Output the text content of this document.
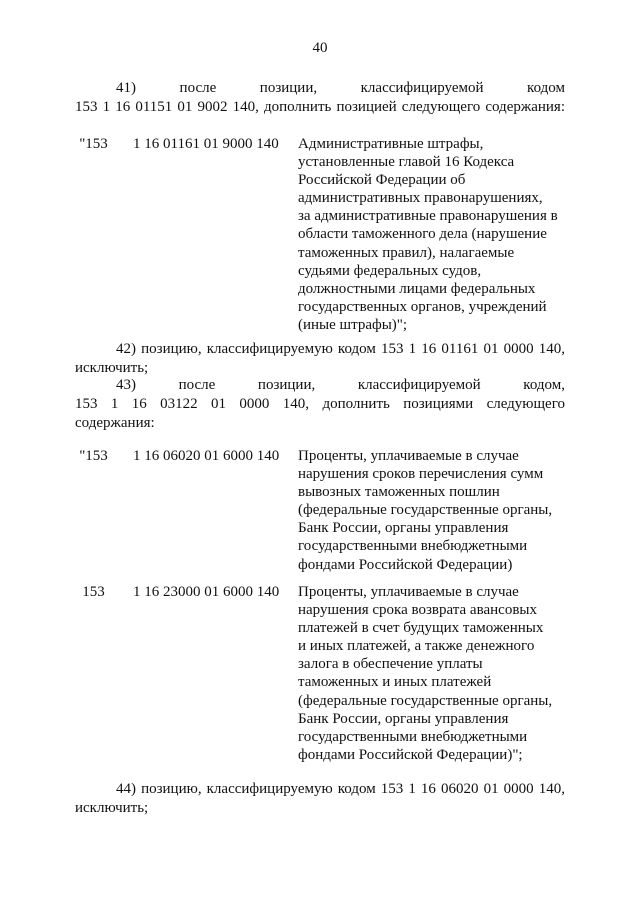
40
41) после позиции, классифицируемой кодом
153 1 16 01151 01 9002 140, дополнить позицией следующего содержания:
"153 1 16 01161 01 9000 140 Административные штрафы,
установленные главой 16 Кодекса
Российской Федерации об
административных правонарушениях,
за административные правонарушения в
области таможенного дела (нарушение
таможенных правил), налагаемые
судьями федеральных судов,
должностными лицами федеральных
государственных органов, учреждений
(иные штрафы)";
42) позицию, классифицируемую кодом 153 1 16 01161 01 0000 140,
исключить;
43) после позиции, классифицируемой кодом,
153 1 16 03122 01 0000 140, дополнить позициями следующего
содержания:
"153 1 16 06020 01 6000 140 Проценты, уплачиваемые в случае
нарушения сроков перечисления сумм
вывозных таможенных пошлин
(федеральные государственные органы,
Банк России, органы управления
государственными внебюджетными
фондами Российской Федерации)
153	1 16 23000 01 6000 140 Проценты, уплачиваемые в случае
нарушения срока возврата авансовых
платежей в счет будущих таможенных
и иных платежей, а также денежного
залога в обеспечение уплаты
таможенных и иных платежей
(федеральные государственные органы,
Банк России, органы управления
государственными внебюджетными
фондами Российской Федерации)";
44) позицию, классифицируемую кодом 153 1 16 06020 01 0000 140,
исключить;
